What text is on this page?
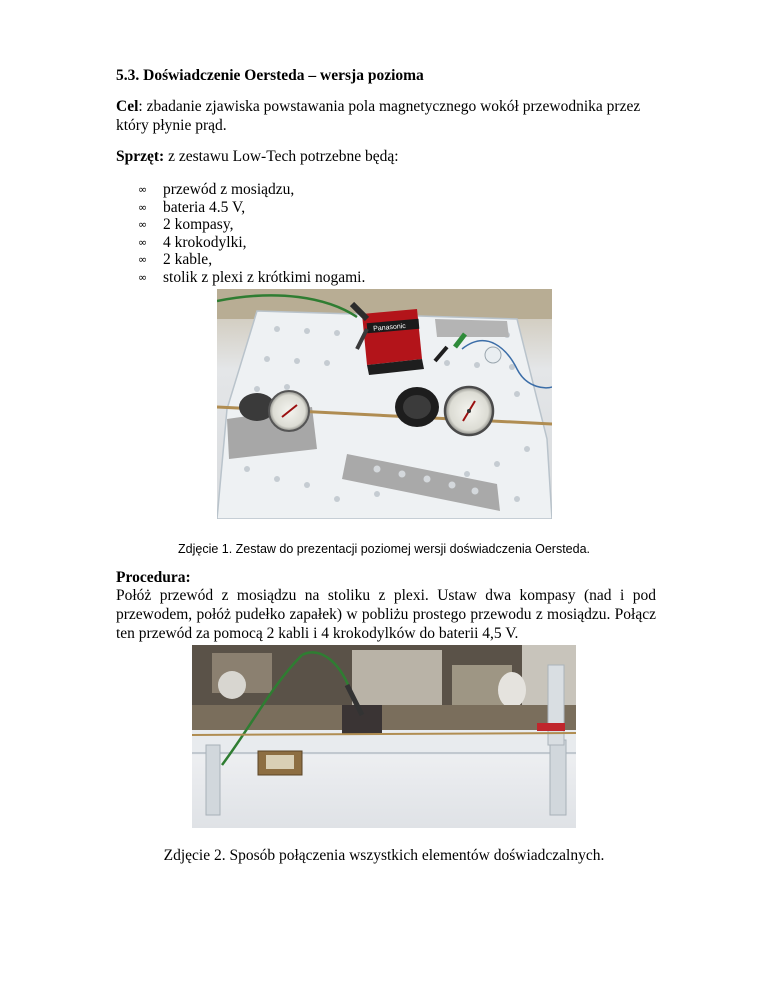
5.3. Doświadczenie Oersteda – wersja pozioma
Cel: zbadanie zjawiska powstawania pola magnetycznego wokół przewodnika przez który płynie prąd.
Sprzęt: z zestawu Low-Tech potrzebne będą:
∞ przewód z mosiądzu,
∞ bateria 4.5 V,
∞ 2 kompasy,
∞ 4 krokodylki,
∞ 2 kable,
∞ stolik z plexi z krótkimi nogami.
Panasonic
Zdjęcie 1. Zestaw do prezentacji poziomej wersji doświadczenia Oersteda.
Procedura:
Połóż przewód z mosiądzu na stoliku z plexi. Ustaw dwa kompasy (nad i pod przewodem, połóż pudełko zapałek) w pobliżu prostego przewodu z mosiądzu. Połącz ten przewód za pomocą 2 kabli i 4 krokodylków do baterii 4,5 V.
Zdjęcie 2. Sposób połączenia wszystkich elementów doświadczalnych.
